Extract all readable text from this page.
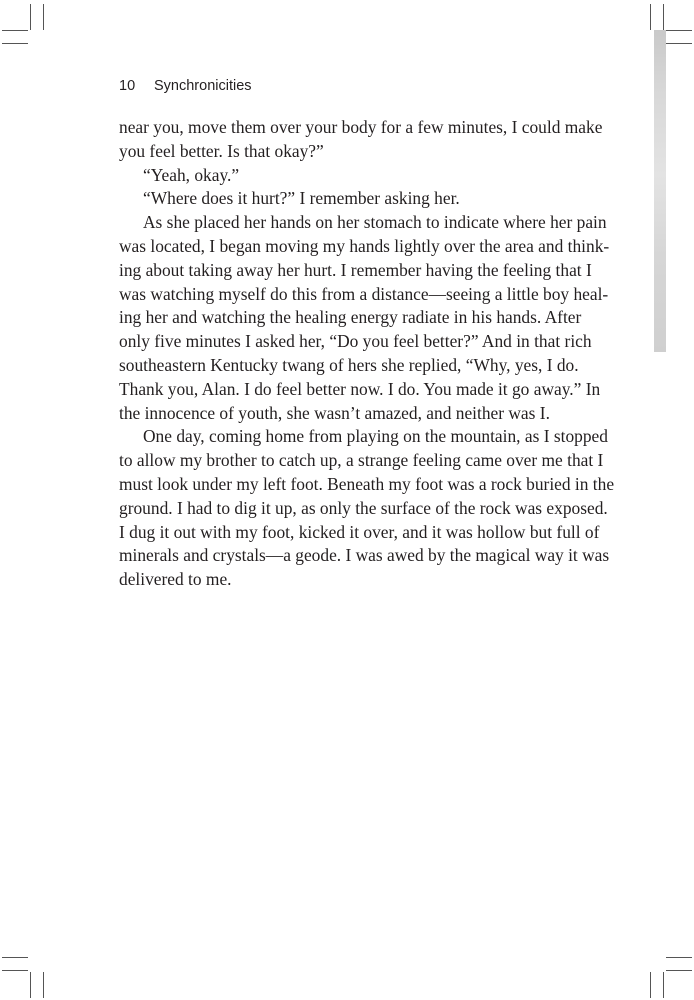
10 Synchronicities
near you, move them over your body for a few minutes, I could make
you feel better. Is that okay?”
“Yeah, okay.”
“Where does it hurt?” I remember asking her.
As she placed her hands on her stomach to indicate where her pain
was located, I began moving my hands lightly over the area and think-
ing about taking away her hurt. I remember having the feeling that I
was watching myself do this from a distance—seeing a little boy heal-
ing her and watching the healing energy radiate in his hands. After
only five minutes I asked her, “Do you feel better?” And in that rich
southeastern Kentucky twang of hers she replied, “Why, yes, I do.
Thank you, Alan. I do feel better now. I do. You made it go away.” In
the innocence of youth, she wasn’t amazed, and neither was I.
One day, coming home from playing on the mountain, as I stopped
to allow my brother to catch up, a strange feeling came over me that I
must look under my left foot. Beneath my foot was a rock buried in the
ground. I had to dig it up, as only the surface of the rock was exposed.
I dug it out with my foot, kicked it over, and it was hollow but full of
minerals and crystals—a geode. I was awed by the magical way it was
delivered to me.
